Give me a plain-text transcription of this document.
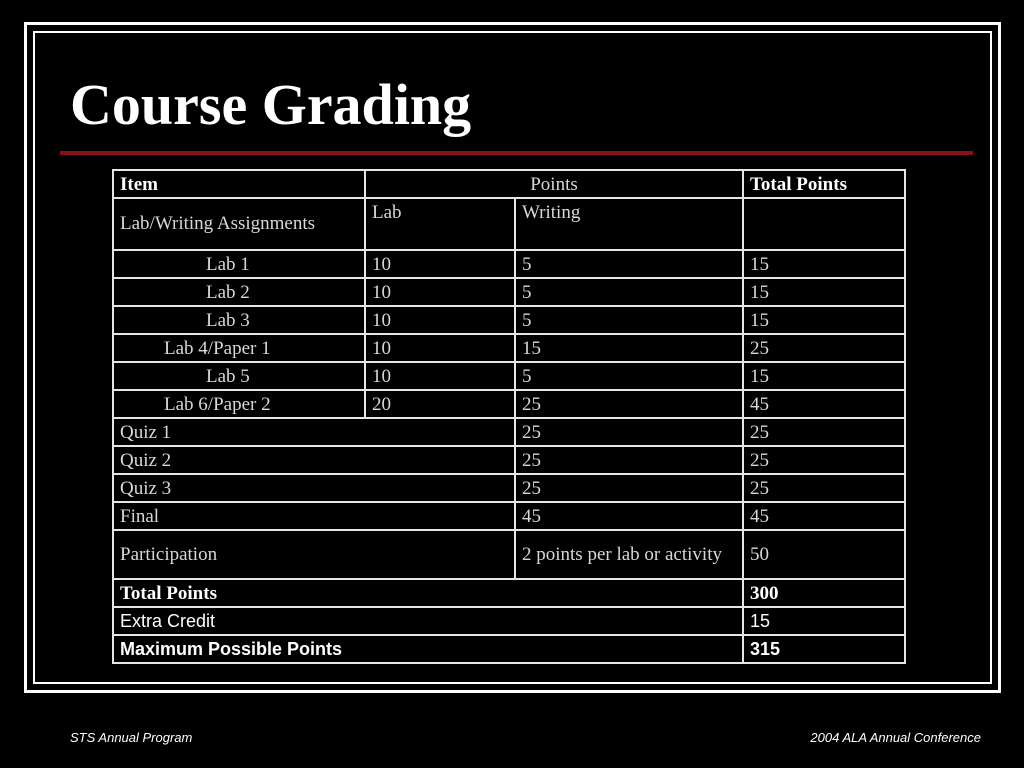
Course Grading
Item	Points		Total Points
Lab/Writing Assignments	Lab	Writing	
Lab 1	10	5	15
Lab 2	10	5	15
Lab 3	10	5	15
Lab 4/Paper 1	10	15	25
Lab 5	10	5	15
Lab 6/Paper 2	20	25	45
Quiz 1		25	25
Quiz 2		25	25
Quiz 3		25	25
Final		45	45
Participation		2 points per lab or activity	50
Total Points			300
Extra Credit			15
Maximum Possible Points			315
STS Annual Program	2004 ALA Annual Conference
